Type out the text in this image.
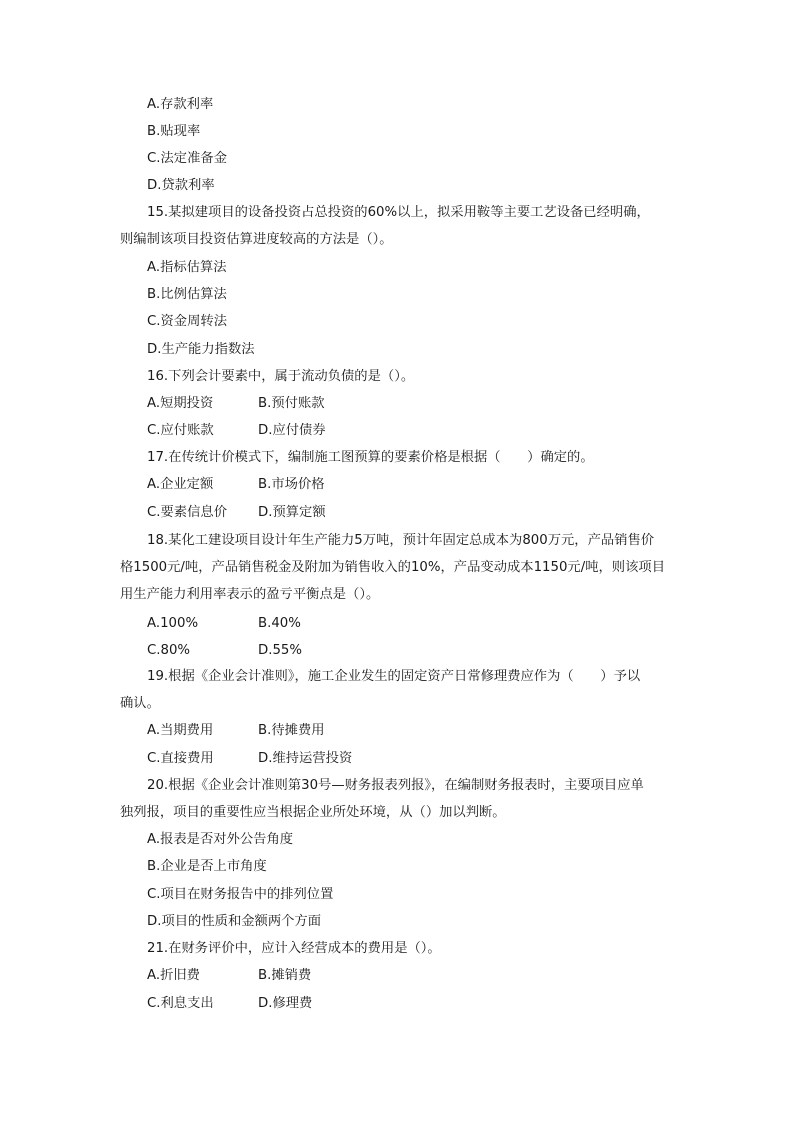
A.存款利率
B.贴现率
C.法定准备金
D.贷款利率
15.某拟建项目的设备投资占总投资的60%以上，拟采用鞍等主要工艺设备已经明确，
则编制该项目投资估算进度较高的方法是（）。
A.指标估算法
B.比例估算法
C.资金周转法
D.生产能力指数法
16.下列会计要素中，属于流动负债的是（）。
A.短期投资	B.预付账款
C.应付账款	D.应付债券
17.在传统计价模式下，编制施工图预算的要素价格是根据（　　）确定的。
A.企业定额	B.市场价格
C.要素信息价 D.预算定额
18.某化工建设项目设计年生产能力5万吨，预计年固定总成本为800万元，产品销售价
格1500元/吨，产品销售税金及附加为销售收入的10%，产品变动成本1150元/吨，则该项目
用生产能力利用率表示的盈亏平衡点是（）。
A.100%	B.40%
C.80%	D.55%
19.根据《企业会计准则》，施工企业发生的固定资产日常修理费应作为（　　）予以
确认。
A.当期费用	B.待摊费用
C.直接费用	D.维持运营投资
20.根据《企业会计准则第30号—财务报表列报》，在编制财务报表时，主要项目应单
独列报，项目的重要性应当根据企业所处环境，从（）加以判断。
A.报表是否对外公告角度
B.企业是否上市角度
C.项目在财务报告中的排列位置
D.项目的性质和金额两个方面
21.在财务评价中，应计入经营成本的费用是（）。
A.折旧费	B.摊销费
C.利息支出	D.修理费
